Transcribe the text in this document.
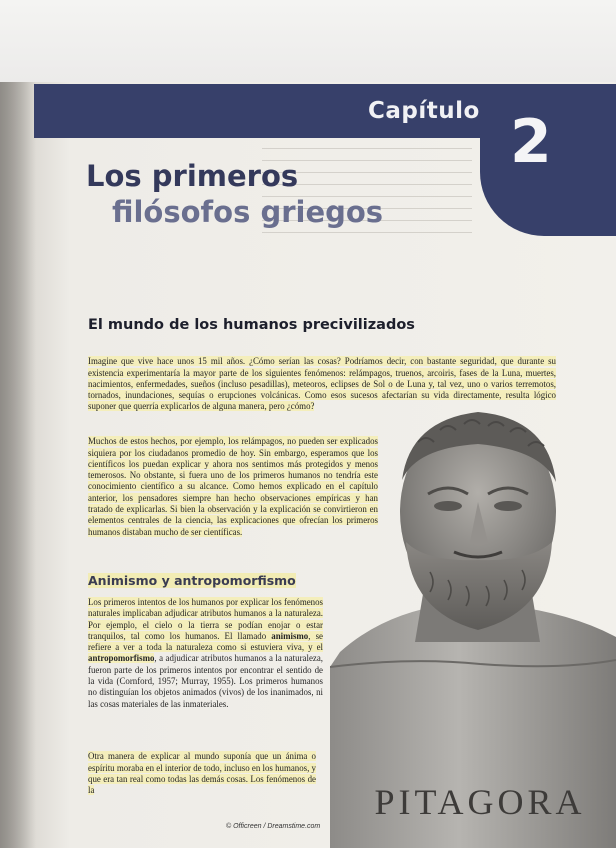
Capítulo 2
Los primeros
filósofos griegos
El mundo de los humanos precivilizados

Imagine que vive hace unos 15 mil años. ¿Cómo serían las cosas? Podríamos decir, con bastante seguridad, que durante su existencia experimentaría la mayor parte de los siguientes fenómenos: relámpagos, truenos, arcoiris, fases de la Luna, muertes, nacimientos, enfermedades, sueños (incluso pesadillas), meteoros, eclipses de Sol o de Luna y, tal vez, uno o varios terremotos, tornados, inundaciones, sequías o erupciones volcánicas. Como esos sucesos afectarían su vida directamente, resulta lógico suponer que querría explicarlos de alguna manera, pero ¿cómo?

Muchos de estos hechos, por ejemplo, los relámpagos, no pueden ser explicados siquiera por los ciudadanos promedio de hoy. Sin embargo, esperamos que los científicos los puedan explicar y ahora nos sentimos más protegidos y menos temerosos. No obstante, si fuera uno de los primeros humanos no tendría este conocimiento científico a su alcance. Como hemos explicado en el capítulo anterior, los pensadores siempre han hecho observaciones empíricas y han tratado de explicarlas. Si bien la observación y la explicación se convirtieron en elementos centrales de la ciencia, las explicaciones que ofrecían los primeros humanos distaban mucho de ser científicas.

Animismo y antropomorfismo
Los primeros intentos de los humanos por explicar los fenómenos naturales implicaban adjudicar atributos humanos a la naturaleza. Por ejemplo, el cielo o la tierra se podían enojar o estar tranquilos, tal como los humanos. El llamado animismo, se refiere a ver a toda la naturaleza como si estuviera viva, y el antropomorfismo, a adjudicar atributos humanos a la naturaleza, fueron parte de los primeros intentos por encontrar el sentido de la vida (Cornford, 1957; Murray, 1955). Los primeros humanos no distinguían los objetos animados (vivos) de los inanimados, ni las cosas materiales de las inmateriales.

Otra manera de explicar al mundo suponía que un ánima o espíritu moraba en el interior de todo, incluso en los humanos, y que era tan real como todas las demás cosas. Los fenómenos de la	PITAGORA
© Officreen / Dreamstime.com
